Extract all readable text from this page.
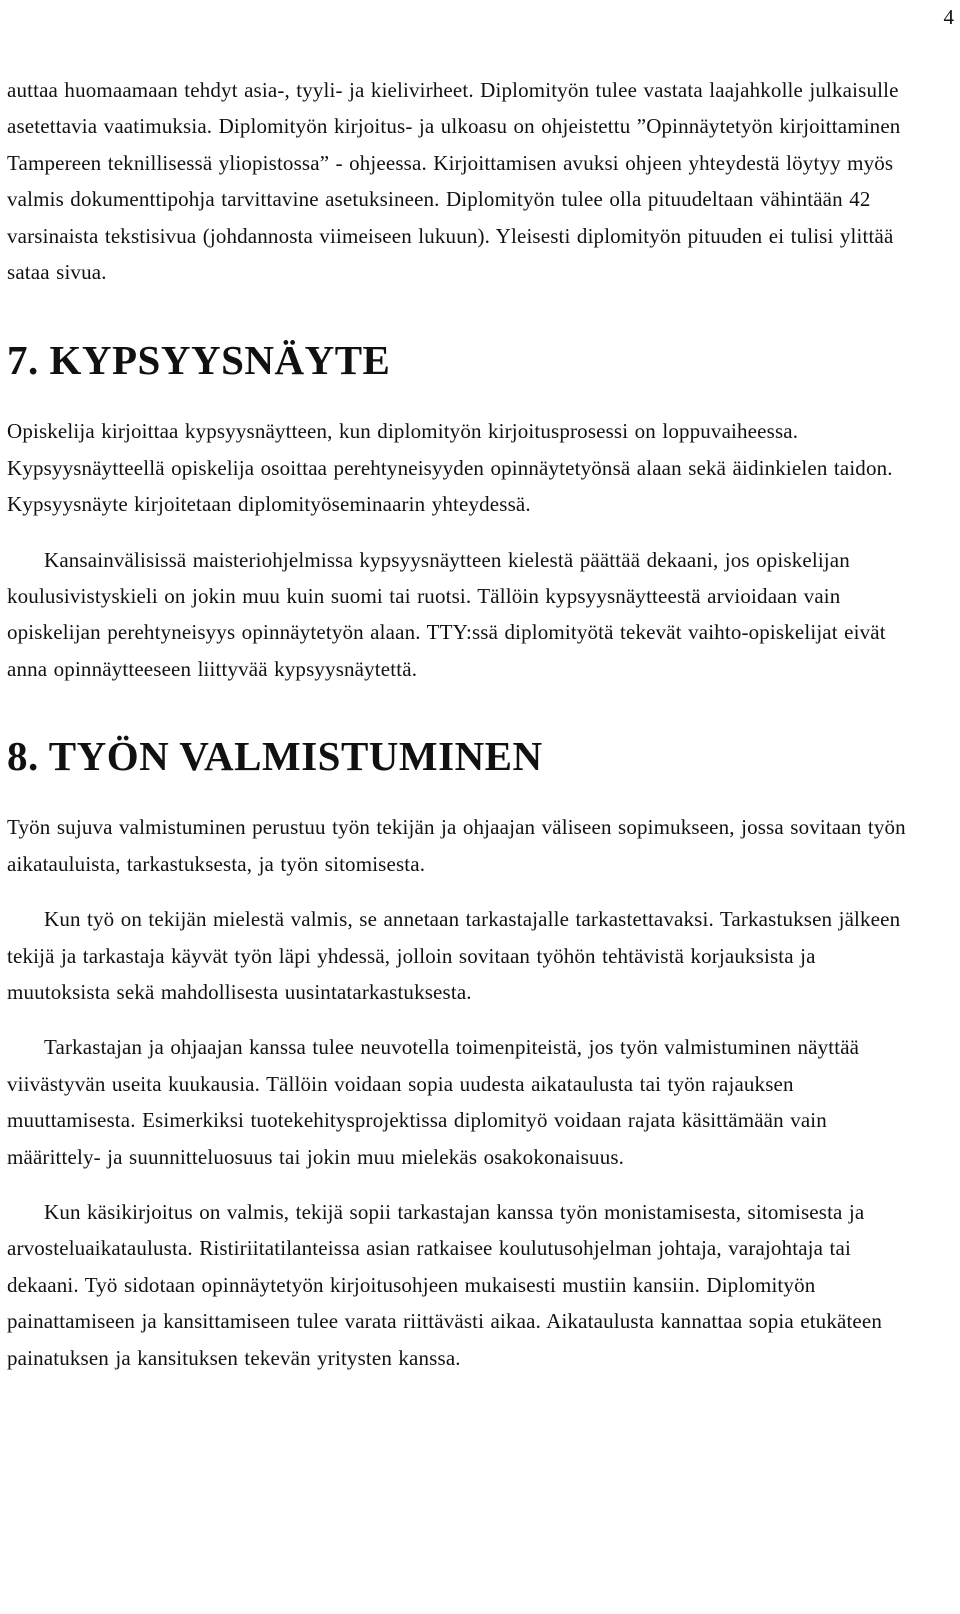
4

auttaa huomaamaan tehdyt asia-, tyyli- ja kielivirheet. Diplomityön tulee vastata laajahkolle julkaisulle asetettavia vaatimuksia. Diplomityön kirjoitus- ja ulkoasu on ohjeistettu ”Opinnäytetyön kirjoittaminen Tampereen teknillisessä yliopistossa” - ohjeessa. Kirjoittamisen avuksi ohjeen yhteydestä löytyy myös valmis dokumenttipohja tarvittavine asetuksineen. Diplomityön tulee olla pituudeltaan vähintään 42 varsinaista tekstisivua (johdannosta viimeiseen lukuun). Yleisesti diplomityön pituuden ei tulisi ylittää sataa sivua.

7. KYPSYYSNÄYTE

Opiskelija kirjoittaa kypsyysnäytteen, kun diplomityön kirjoitusprosessi on loppuvaiheessa. Kypsyysnäytteellä opiskelija osoittaa perehtyneisyyden opinnäytetyönsä alaan sekä äidinkielen taidon. Kypsyysnäyte kirjoitetaan diplomityöseminaarin yhteydessä.

Kansainvälisissä maisteriohjelmissa kypsyysnäytteen kielestä päättää dekaani, jos opiskelijan koulusivistyskieli on jokin muu kuin suomi tai ruotsi. Tällöin kypsyysnäytteestä arvioidaan vain opiskelijan perehtyneisyys opinnäytetyön alaan. TTY:ssä diplomityötä tekevät vaihto-opiskelijat eivät anna opinnäytteeseen liittyvää kypsyysnäytettä.

8. TYÖN VALMISTUMINEN

Työn sujuva valmistuminen perustuu työn tekijän ja ohjaajan väliseen sopimukseen, jossa sovitaan työn aikatauluista, tarkastuksesta, ja työn sitomisesta.

Kun työ on tekijän mielestä valmis, se annetaan tarkastajalle tarkastettavaksi. Tarkastuksen jälkeen tekijä ja tarkastaja käyvät työn läpi yhdessä, jolloin sovitaan työhön tehtävistä korjauksista ja muutoksista sekä mahdollisesta uusintatarkastuksesta.

Tarkastajan ja ohjaajan kanssa tulee neuvotella toimenpiteistä, jos työn valmistuminen näyttää viivästyvän useita kuukausia. Tällöin voidaan sopia uudesta aikataulusta tai työn rajauksen muuttamisesta. Esimerkiksi tuotekehitysprojektissa diplomityö voidaan rajata käsittämään vain määrittely- ja suunnitteluosuus tai jokin muu mielekäs osakokonaisuus.

Kun käsikirjoitus on valmis, tekijä sopii tarkastajan kanssa työn monistamisesta, sitomisesta ja arvosteluaikataulusta. Ristiriitatilanteissa asian ratkaisee koulutusohjelman johtaja, varajohtaja tai dekaani. Työ sidotaan opinnäytetyön kirjoitusohjeen mukaisesti mustiin kansiin. Diplomityön painattamiseen ja kansittamiseen tulee varata riittävästi aikaa. Aikataulusta kannattaa sopia etukäteen painatuksen ja kansituksen tekevän yritysten kanssa.
